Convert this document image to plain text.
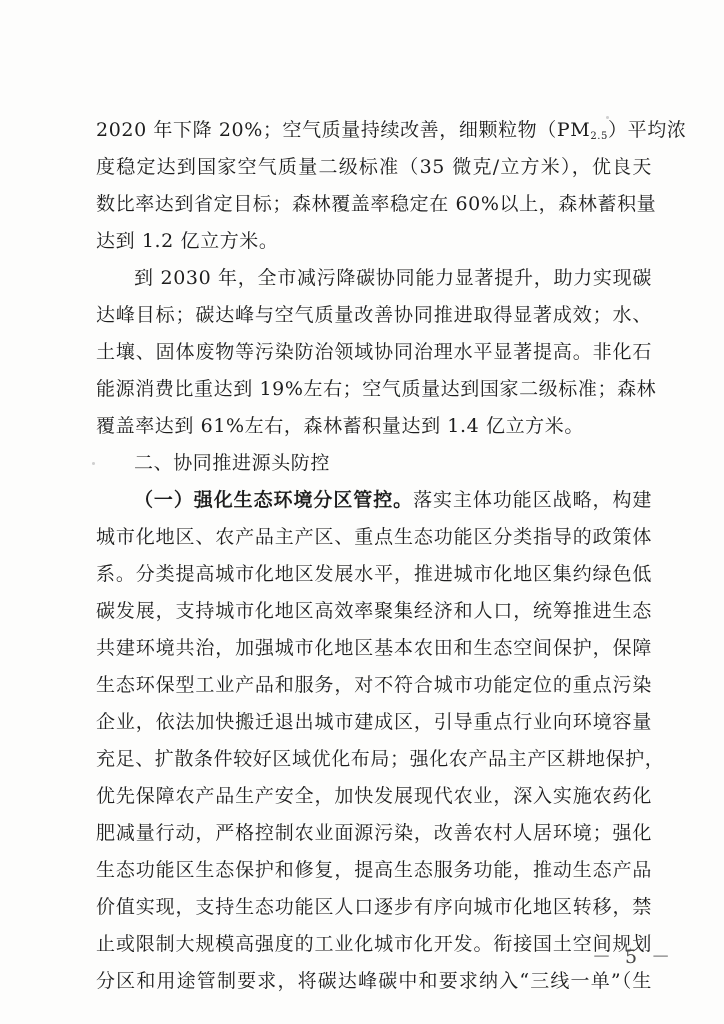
2020 年下降 20%；空气质量持续改善，细颗粒物$(PM_{2.5})$平均浓
度稳定达到国家空气质量二级标准（35 微克/立方米），优良天
数比率达到省定目标；森林覆盖率稳定在 60%以上，森林蓄积量
达到 1.2 亿立方米。
到 2030 年，全市减污降碳协同能力显著提升，助力实现碳
达峰目标；碳达峰与空气质量改善协同推进取得显著成效；水、
土壤、固体废物等污染防治领域协同治理水平显著提高。非化石
能源消费比重达到 19%左右；空气质量达到国家二级标准；森林
覆盖率达到 61%左右，森林蓄积量达到 1.4 亿立方米。
二、协同推进源头防控
（一）强化生态环境分区管控。落实主体功能区战略，构建
城市化地区、农产品主产区、重点生态功能区分类指导的政策体
系。分类提高城市化地区发展水平，推进城市化地区集约绿色低
碳发展，支持城市化地区高效率聚集经济和人口，统筹推进生态
共建环境共治，加强城市化地区基本农田和生态空间保护，保障
生态环保型工业产品和服务，对不符合城市功能定位的重点污染
企业，依法加快搬迁退出城市建成区，引导重点行业向环境容量
充足、扩散条件较好区域优化布局；强化农产品主产区耕地保护，
优先保障农产品生产安全，加快发展现代农业，深入实施农药化
肥减量行动，严格控制农业面源污染，改善农村人居环境；强化
生态功能区生态保护和修复，提高生态服务功能，推动生态产品
价值实现，支持生态功能区人口逐步有序向城市化地区转移，禁
止或限制大规模高强度的工业化城市化开发。衔接国土空间规划
分区和用途管制要求，将碳达峰碳中和要求纳入“三线一单”（生
－ 5 －
